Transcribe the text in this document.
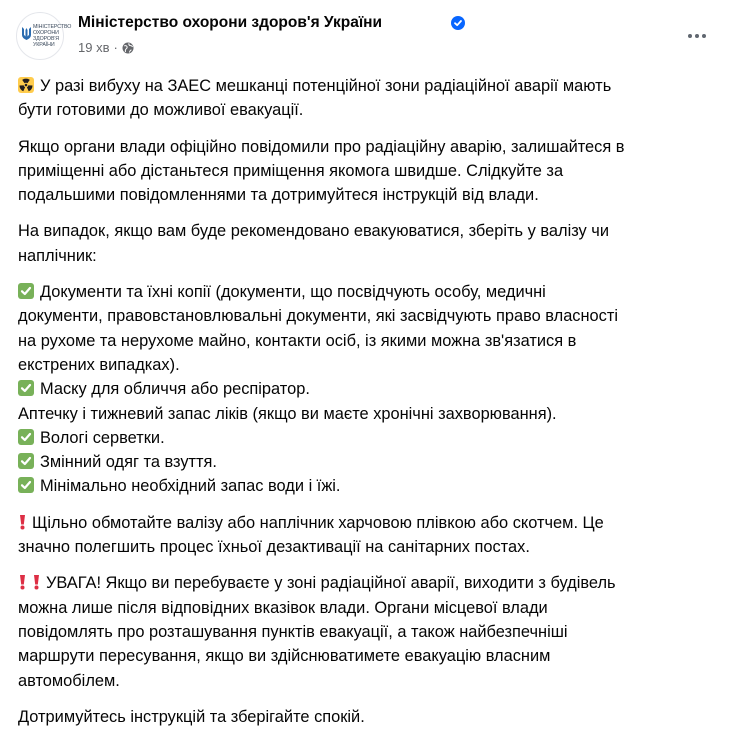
МІНІСТЕРСТВО
ОХОРОНИ
ЗДОРОВ'Я
УКРАЇНИ
Міністерство охорони здоров'я України
19 хв ·
У разі вибуху на ЗАЕС мешканці потенційної зони радіаційної аварії мають
бути готовими до можливої евакуації.
Якщо органи влади офіційно повідомили про радіаційну аварію, залишайтеся в
приміщенні або дістаньтеся приміщення якомога швидше. Слідкуйте за
подальшими повідомленнями та дотримуйтеся інструкцій від влади.
На випадок, якщо вам буде рекомендовано евакуюватися, зберіть у валізу чи
наплічник:
Документи та їхні копії (документи, що посвідчують особу, медичні
документи, правовстановлювальні документи, які засвідчують право власності
на рухоме та нерухоме майно, контакти осіб, із якими можна зв'язатися в
екстрених випадках).
Маску для обличчя або респіратор.
Аптечку і тижневий запас ліків (якщо ви маєте хронічні захворювання).
Вологі серветки.
Змінний одяг та взуття.
Мінімально необхідний запас води і їжі.
Щільно обмотайте валізу або наплічник харчовою плівкою або скотчем. Це
значно полегшить процес їхньої дезактивації на санітарних постах.
УВАГА! Якщо ви перебуваєте у зоні радіаційної аварії, виходити з будівель
можна лише після відповідних вказівок влади. Органи місцевої влади
повідомлять про розташування пунктів евакуації, а також найбезпечніші
маршрути пересування, якщо ви здійснюватимете евакуацію власним
автомобілем.
Дотримуйтесь інструкцій та зберігайте спокій.
